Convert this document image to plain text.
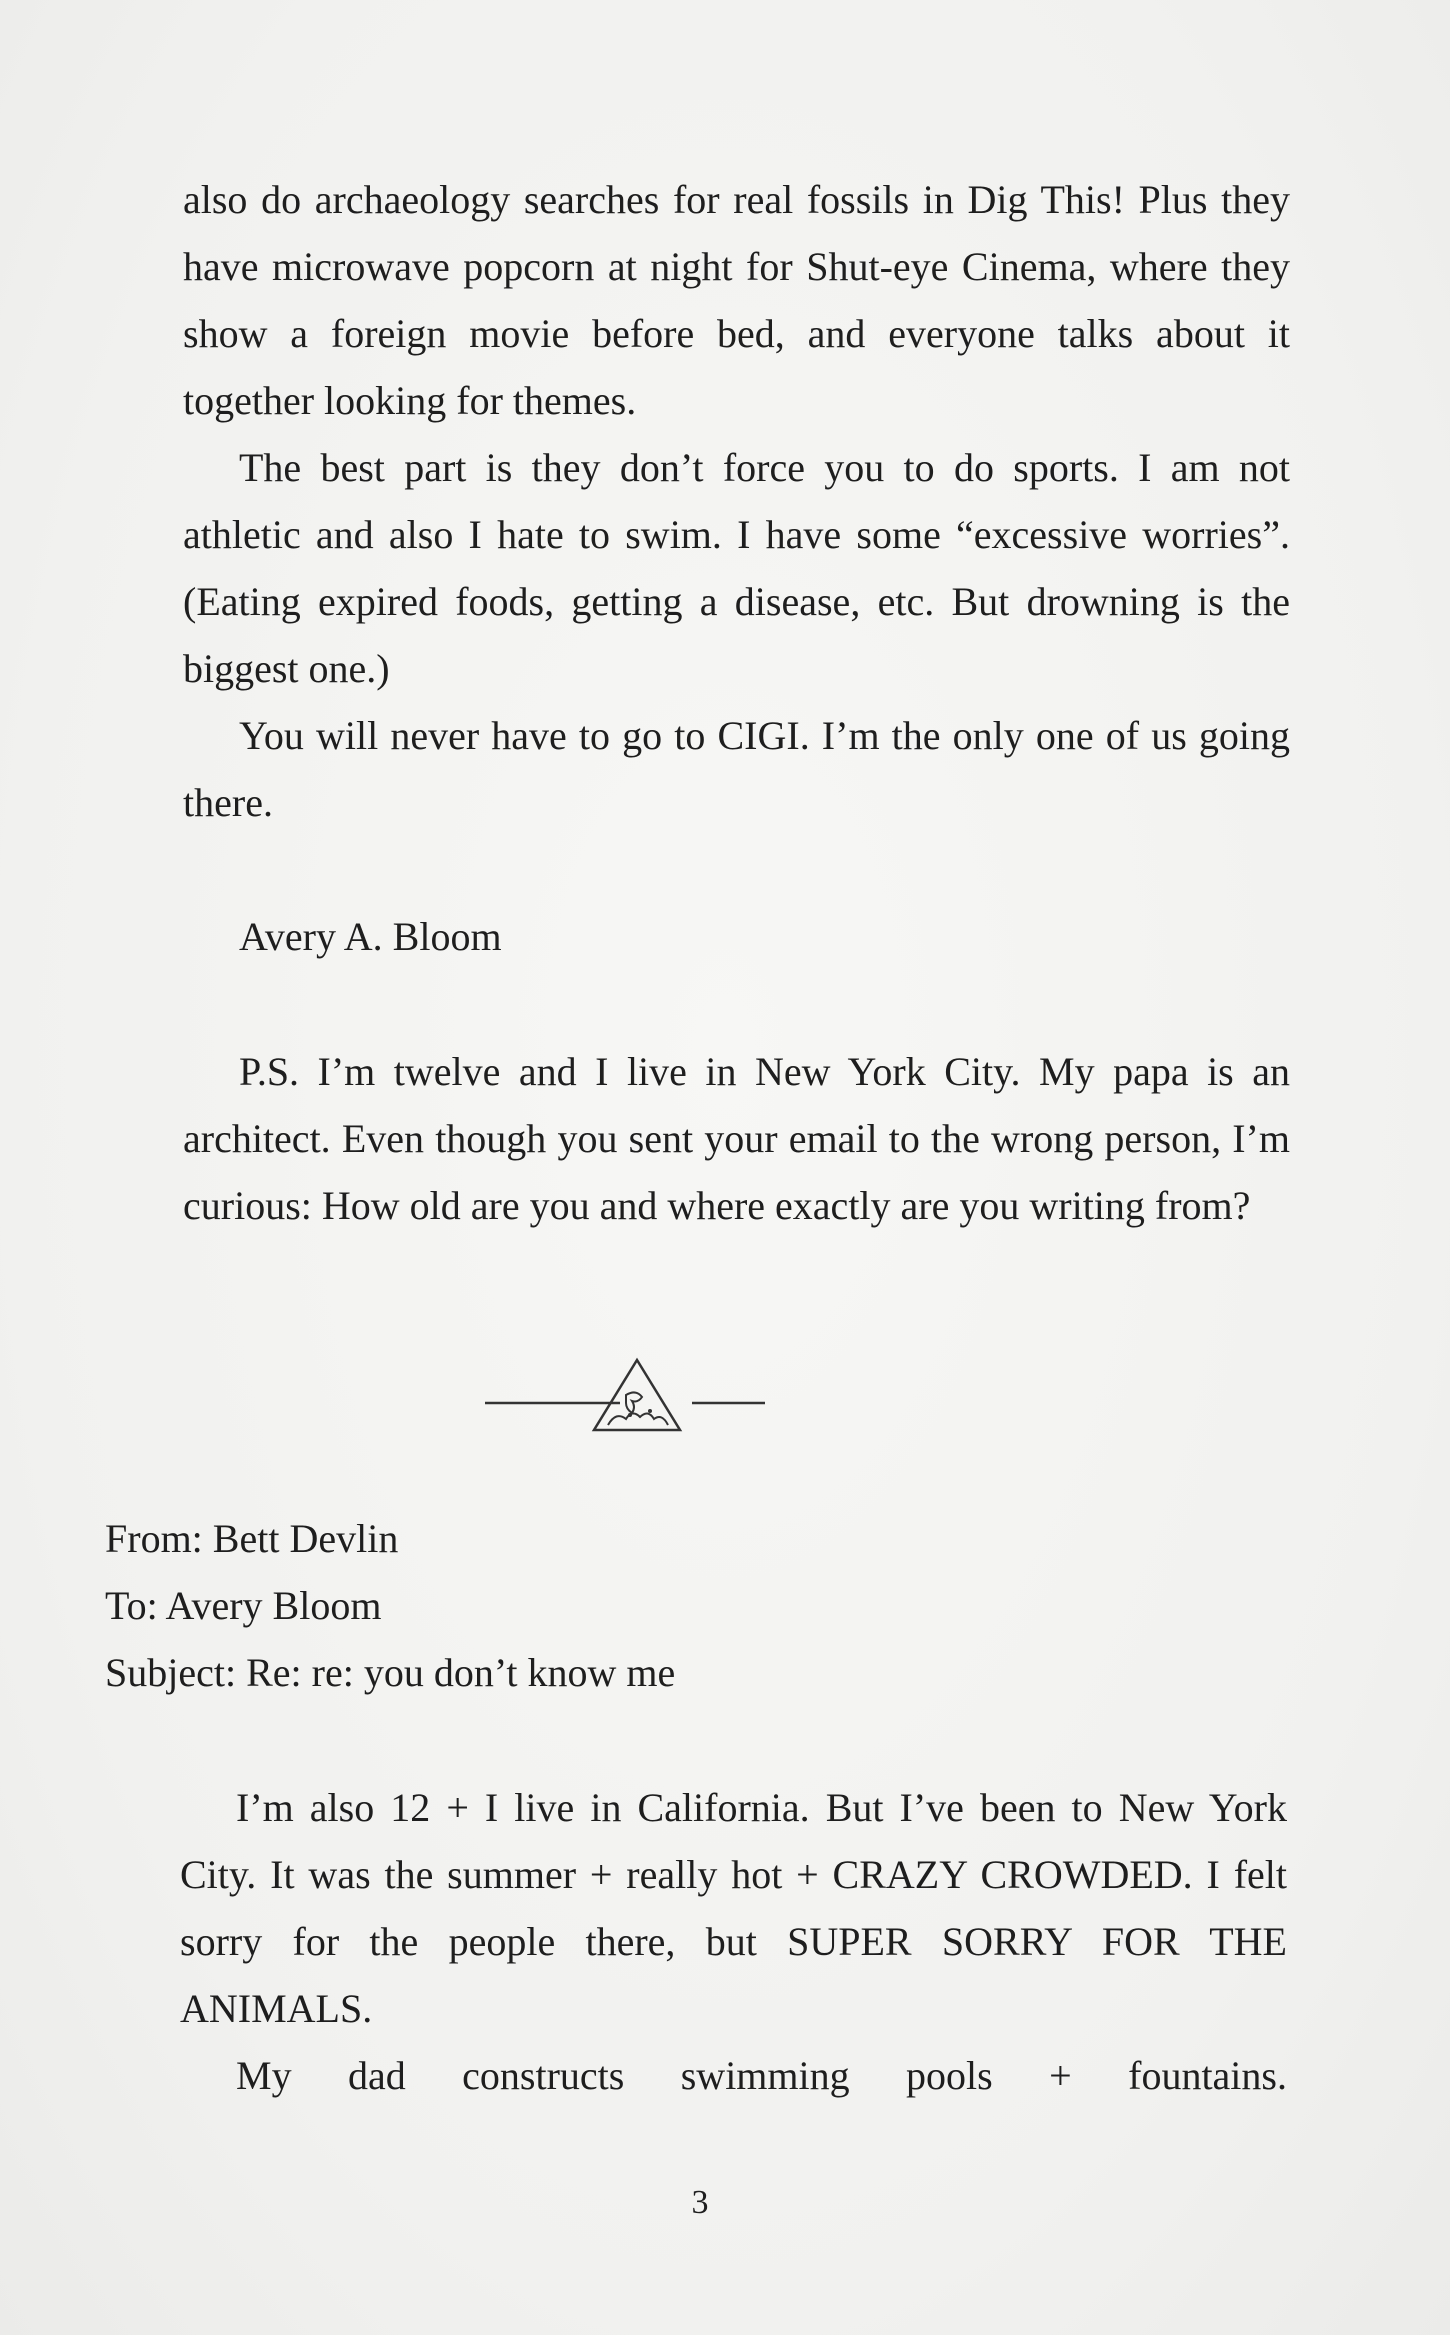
also do archaeology searches for real fossils in Dig This! Plus they have microwave popcorn at night for Shut-eye Cinema, where they show a foreign movie before bed, and everyone talks about it together looking for themes.

The best part is they don’t force you to do sports. I am not athletic and also I hate to swim. I have some “excessive worries”. (Eating expired foods, getting a disease, etc. But drowning is the biggest one.)

You will never have to go to CIGI. I’m the only one of us going there.

Avery A. Bloom

P.S. I’m twelve and I live in New York City. My papa is an architect. Even though you sent your email to the wrong person, I’m curious: How old are you and where exactly are you writing from?

From: Bett Devlin

To: Avery Bloom

Subject: Re: re: you don’t know me

I’m also 12 + I live in California. But I’ve been to New York City. It was the summer + really hot + CRAZY CROWDED. I felt sorry for the people there, but SUPER SORRY FOR THE ANIMALS.

My dad constructs swimming pools + fountains.

3
